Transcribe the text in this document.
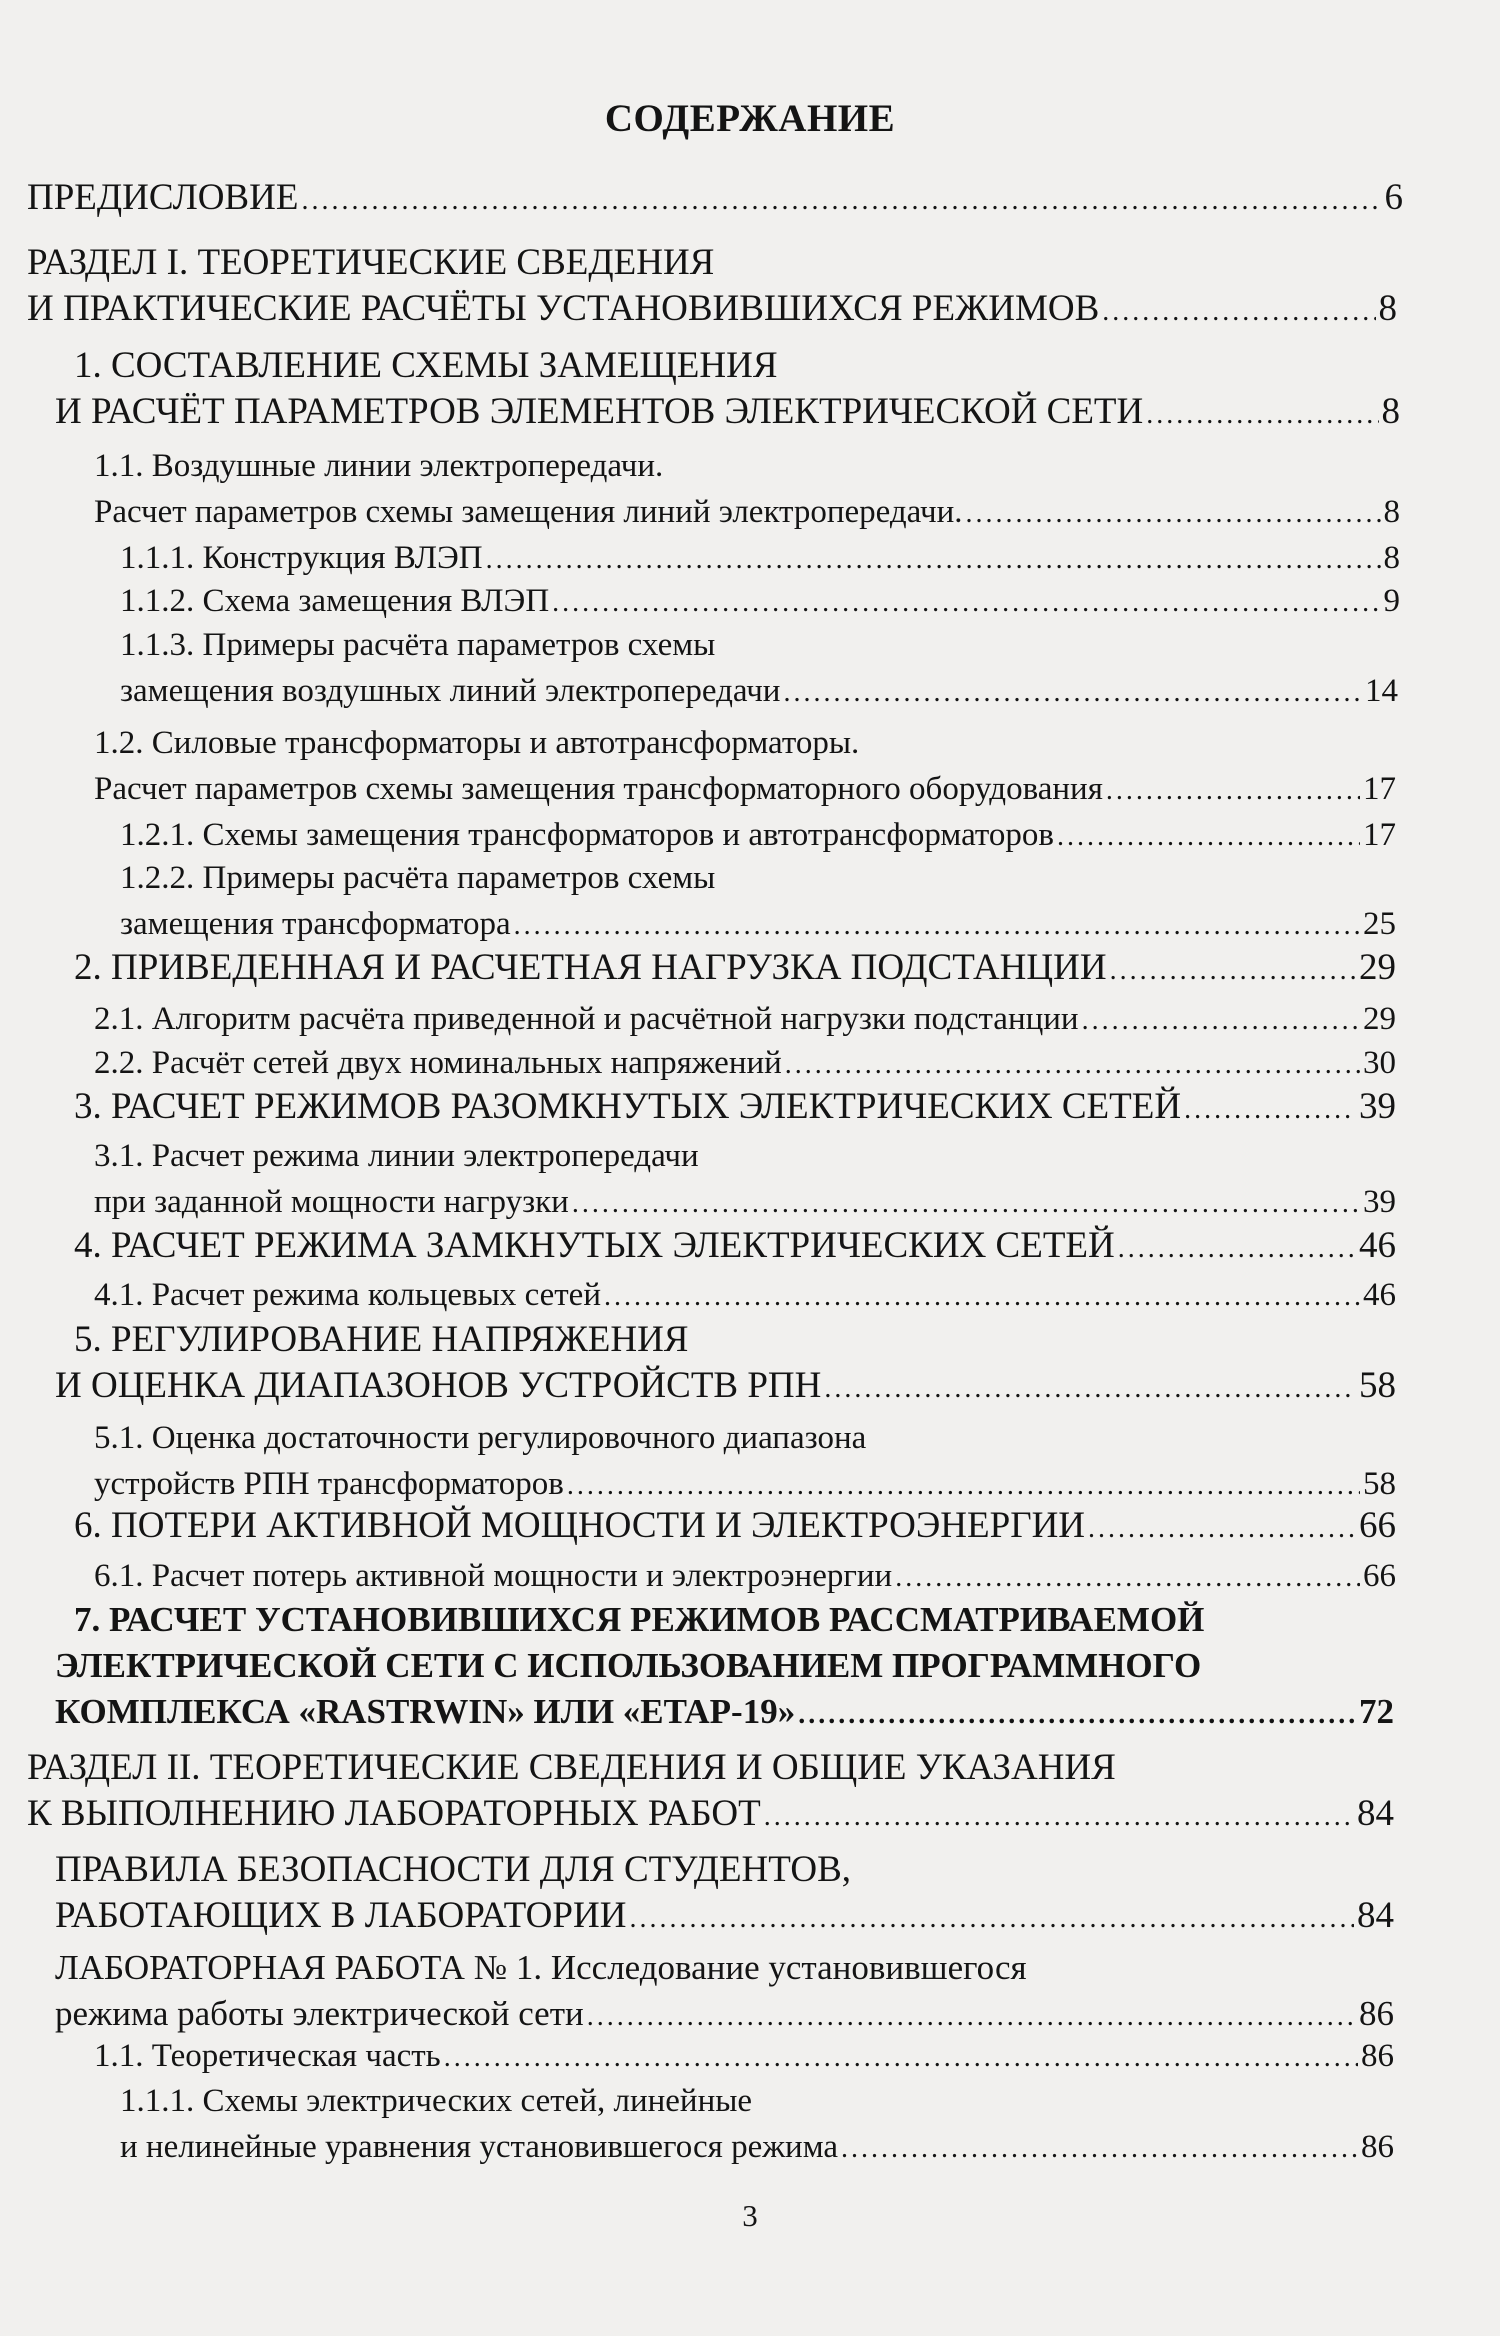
СОДЕРЖАНИЕ
ПРЕДИСЛОВИЕ .....	6
РАЗДЕЛ I. ТЕОРЕТИЧЕСКИЕ СВЕДЕНИЯ
И ПРАКТИЧЕСКИЕ РАСЧЁТЫ УСТАНОВИВШИХСЯ РЕЖИМОВ .....	8
1. СОСТАВЛЕНИЕ СХЕМЫ ЗАМЕЩЕНИЯ
И РАСЧЁТ ПАРАМЕТРОВ ЭЛЕМЕНТОВ ЭЛЕКТРИЧЕСКОЙ СЕТИ .....	8
1.1. Воздушные линии электропередачи.
Расчет параметров схемы замещения линий электропередачи. .....	8
1.1.1. Конструкция ВЛЭП .....	8
1.1.2. Схема замещения ВЛЭП .....	9
1.1.3. Примеры расчёта параметров схемы
замещения воздушных линий электропередачи .....	14
1.2. Силовые трансформаторы и автотрансформаторы.
Расчет параметров схемы замещения трансформаторного оборудования .....	17
1.2.1. Схемы замещения трансформаторов и автотрансформаторов .....	17
1.2.2. Примеры расчёта параметров схемы
замещения трансформатора .....	25
2. ПРИВЕДЕННАЯ И РАСЧЕТНАЯ НАГРУЗКА ПОДСТАНЦИИ .....	29
2.1. Алгоритм расчёта приведенной и расчётной нагрузки подстанции .....	29
2.2. Расчёт сетей двух номинальных напряжений .....	30
3. РАСЧЕТ РЕЖИМОВ РАЗОМКНУТЫХ ЭЛЕКТРИЧЕСКИХ СЕТЕЙ .....	39
3.1. Расчет режима линии электропередачи
при заданной мощности нагрузки .....	39
4. РАСЧЕТ РЕЖИМА ЗАМКНУТЫХ ЭЛЕКТРИЧЕСКИХ СЕТЕЙ .....	46
4.1. Расчет режима кольцевых сетей .....	46
5. РЕГУЛИРОВАНИЕ НАПРЯЖЕНИЯ
И ОЦЕНКА ДИАПАЗОНОВ УСТРОЙСТВ РПН .....	58
5.1. Оценка достаточности регулировочного диапазона
устройств РПН трансформаторов .....	58
6. ПОТЕРИ АКТИВНОЙ МОЩНОСТИ И ЭЛЕКТРОЭНЕРГИИ .....	66
6.1. Расчет потерь активной мощности и электроэнергии .....	66
7. РАСЧЕТ УСТАНОВИВШИХСЯ РЕЖИМОВ РАССМАТРИВАЕМОЙ
ЭЛЕКТРИЧЕСКОЙ СЕТИ С ИСПОЛЬЗОВАНИЕМ ПРОГРАММНОГО
КОМПЛЕКСА «RASTRWIN» ИЛИ «ETAP-19» .....	72
РАЗДЕЛ II. ТЕОРЕТИЧЕСКИЕ СВЕДЕНИЯ И ОБЩИЕ УКАЗАНИЯ
К ВЫПОЛНЕНИЮ ЛАБОРАТОРНЫХ РАБОТ .....	84
ПРАВИЛА БЕЗОПАСНОСТИ ДЛЯ СТУДЕНТОВ,
РАБОТАЮЩИХ В ЛАБОРАТОРИИ .....	84
ЛАБОРАТОРНАЯ РАБОТА № 1. Исследование установившегося
режима работы электрической сети .....	86
1.1. Теоретическая часть .....	86
1.1.1. Схемы электрических сетей, линейные
и нелинейные уравнения установившегося режима .....	86
3
